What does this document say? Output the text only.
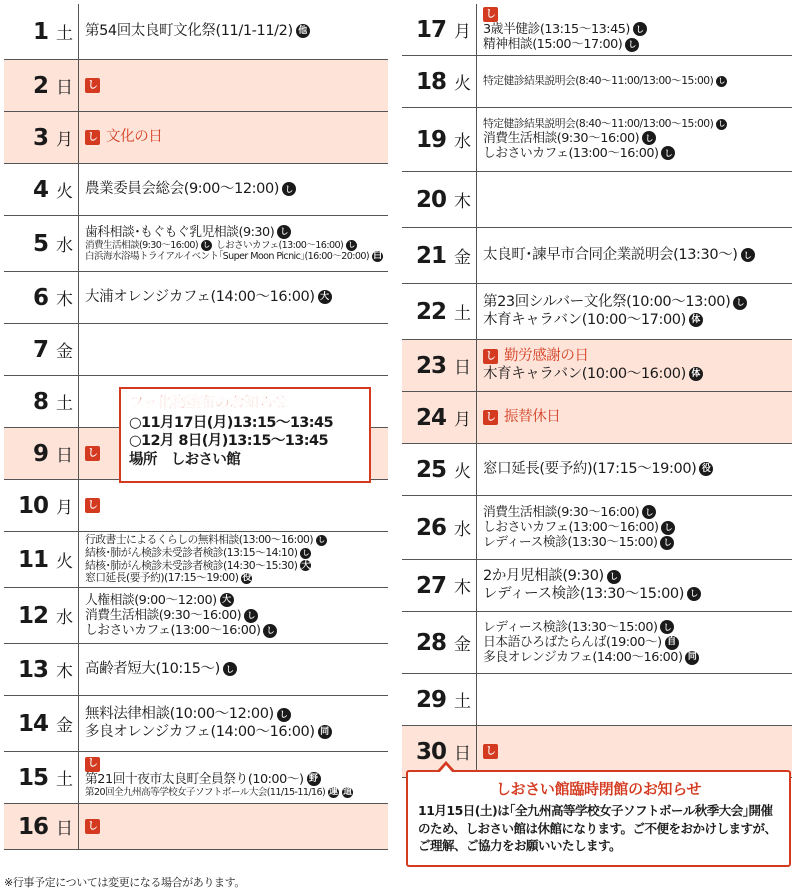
1 土 第54回太良町文化祭(11/1-11/2) 他
2 日 し
3 月 し 文化の日
4 火 農業委員会総会(9:00～12:00) し
5 水
歯科相談･もぐもぐ乳児相談(9:30) し
消費生活相談(9:30～16:00) し しおさいカフェ(13:00～16:00) し
白浜海水浴場トライアルイベント｢Super Moon Picnic｣(16:00～20:00) 白
6 木 大浦オレンジカフェ(14:00～16:00) 大
7 金
8 土
9 日 し
10 月 し
11 火
行政書士によるくらしの無料相談(13:00～16:00) し
結核･肺がん検診未受診者検診(13:15～14:10) し
結核･肺がん検診未受診者検診(14:30～15:30) 大
窓口延長(要予約)(17:15～19:00) 役
12 水
人権相談(9:00～12:00) 大
消費生活相談(9:30～16:00) し
しおさいカフェ(13:00～16:00) し
13 木 高齢者短大(10:15～) し
14 金
無料法律相談(10:00～12:00) し
多良オレンジカフェ(14:00～16:00) 同
15 土
し
第21回十夜市太良町全員祭り(10:00～) 野
第20回全九州高等学校女子ソフトボール大会(11/15-11/16) 運 道
16 日 し
17 月
し
3歳半健診(13:15～13:45) し
精神相談(15:00～17:00) し
18 火 特定健診結果説明会(8:40～11:00/13:00～15:00) し
19 水
特定健診結果説明会(8:40～11:00/13:00～15:00) し
消費生活相談(9:30～16:00) し
しおさいカフェ(13:00～16:00) し
20 木
21 金 太良町･諫早市合同企業説明会(13:30～) し
22 土
第23回シルバー文化祭(10:00～13:00) し
木育キャラバン(10:00～17:00) 体
23 日
し 勤労感謝の日
木育キャラバン(10:00～16:00) 体
24 月 し 振替休日
25 火 窓口延長(要予約)(17:15～19:00) 役
26 水
消費生活相談(9:30～16:00) し
しおさいカフェ(13:00～16:00) し
レディース検診(13:30～15:00) し
27 木
2か月児相談(9:30) し
レディース検診(13:30～15:00) し
28 金
レディース検診(13:30～15:00) し
日本語ひろばたらんば(19:00～) 自
多良オレンジカフェ(14:00～16:00) 同
29 土
30 日 し
フッ化物塗布のお知らせ
○11月17日(月)13:15～13:45
○12月 8日(月)13:15～13:45
場所　しおさい館
しおさい館臨時閉館のお知らせ
11月15日(土)は｢全九州高等学校女子ソフトボール秋季大会｣開催のため、しおさい館は休館になります。ご不便をおかけしますが、ご理解、ご協力をお願いいたします。
※行事予定については変更になる場合があります。
